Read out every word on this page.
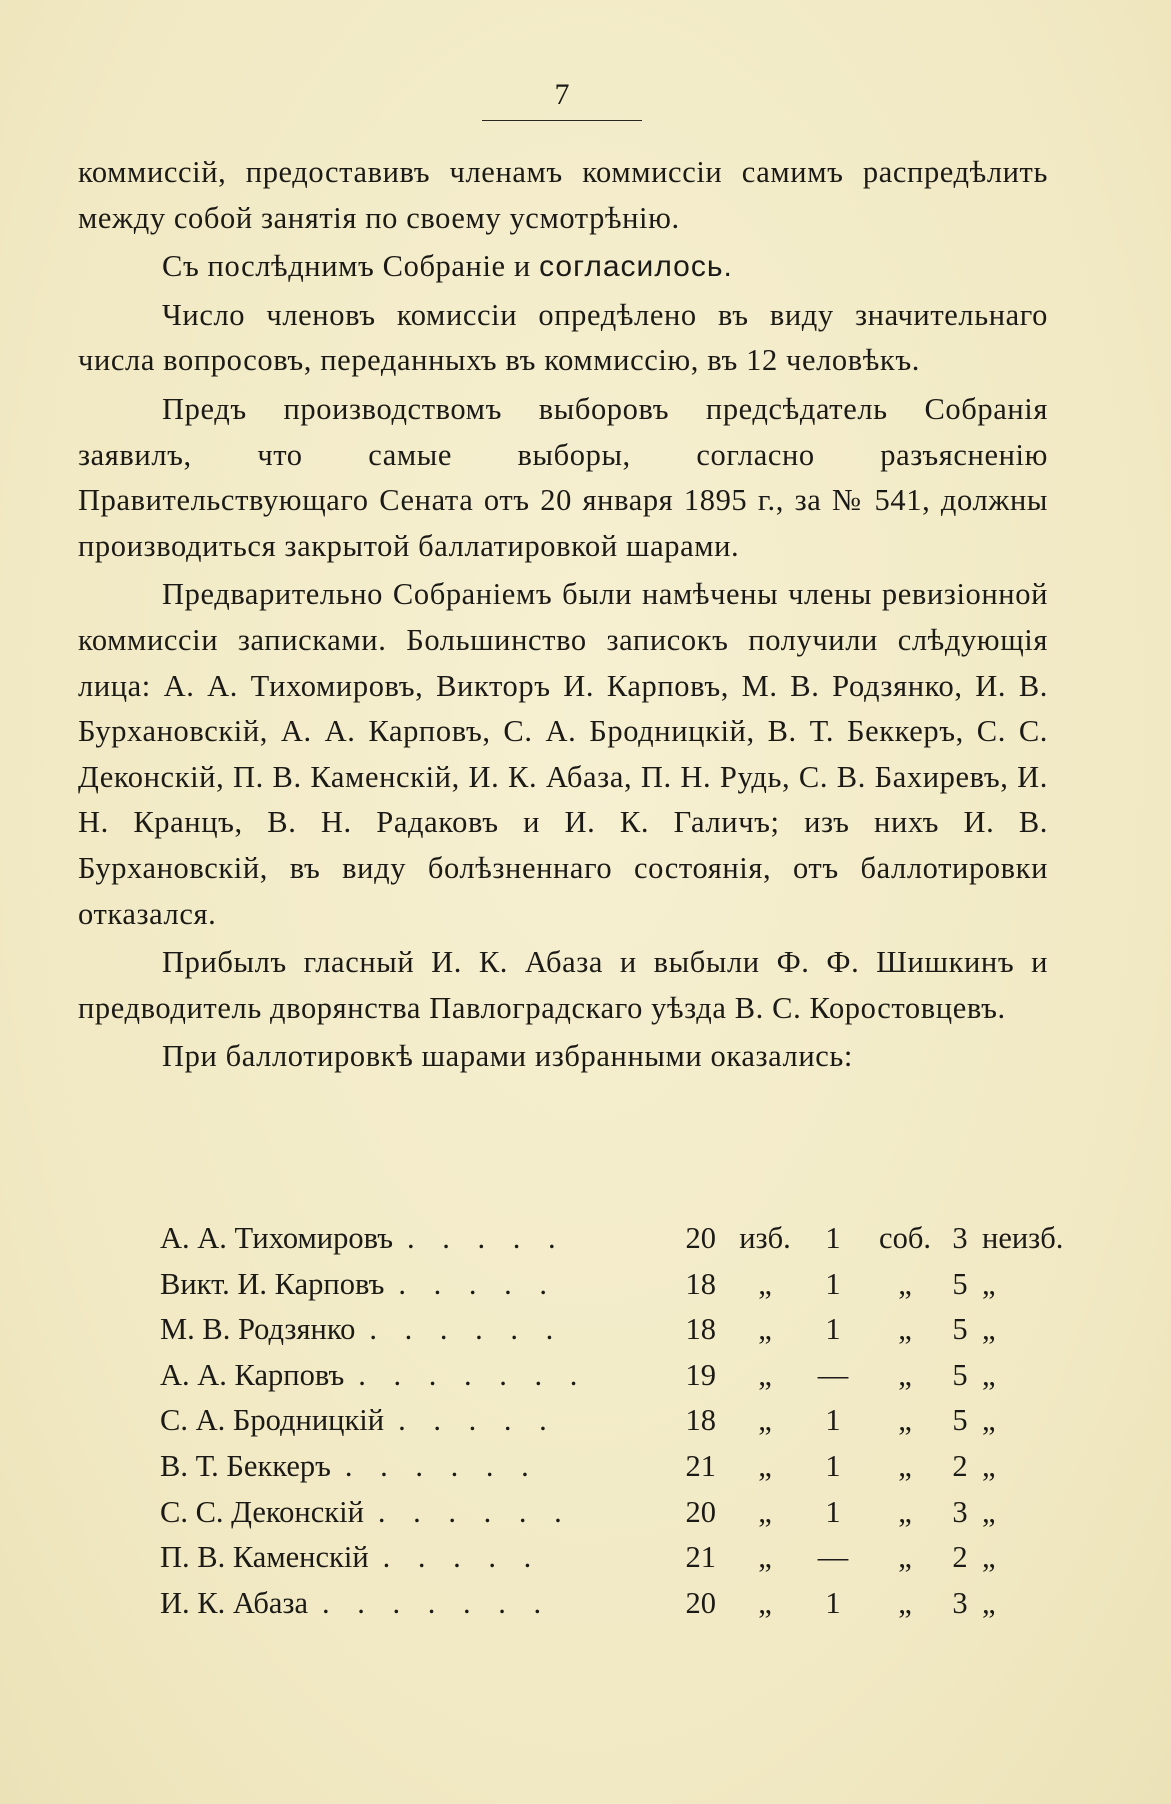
7

коммиссій, предоставивъ членамъ коммиссіи самимъ распредѣлить между собой занятія по своему усмотрѣнію.

Съ послѣднимъ Собраніе и согласилось.

Число членовъ комиссіи опредѣлено въ виду значительнаго числа вопросовъ, переданныхъ въ коммиссію, въ 12 человѣкъ.

Предъ производствомъ выборовъ предсѣдатель Собранія заявилъ, что самые выборы, согласно разъясненію Правительствующаго Сената отъ 20 января 1895 г., за № 541, должны производиться закрытой баллатировкой шарами.

Предварительно Собраніемъ были намѣчены члены ревизіонной коммиссіи записками. Большинство записокъ получили слѣдующія лица: А. А. Тихомировъ, Викторъ И. Карповъ, М. В. Родзянко, И. В. Бурхановскій, А. А. Карповъ, С. А. Бродницкій, В. Т. Беккеръ, С. С. Деконскій, П. В. Каменскій, И. К. Абаза, П. Н. Рудь, С. В. Бахиревъ, И. Н. Кранцъ, В. Н. Радаковъ и И. К. Галичъ; изъ нихъ И. В. Бурхановскій, въ виду болѣзненнаго состоянія, отъ баллотировки отказался.

Прибылъ гласный И. К. Абаза и выбыли Ф. Ф. Шишкинъ и предводитель дворянства Павлоградскаго уѣзда В. С. Коростовцевъ.

При баллотировкѣ шарами избранными оказались:

А. А. Тихомировъ	20 изб.	1	соб. 3 неизб.
. . . . .
Викт. И. Карповъ	18	„	1	„	5 „
. . . . .
М. В. Родзянко	18	„	1	„	5 „
. . . . . .
А. А. Карповъ	19	„	—	„	5 „
. . . . . . .
С. А. Бродницкій	18	„	1	„	5 „
. . . . .
В. Т. Беккеръ	21	„	1	„	2 „
. . . . . .
С. С. Деконскій	20	„	1	„	3 „
. . . . . .
П. В. Каменскій	21	„	—	„	2 „
. . . . .
И. К. Абаза	20	„	1	„	3 „
. . . . . . .
